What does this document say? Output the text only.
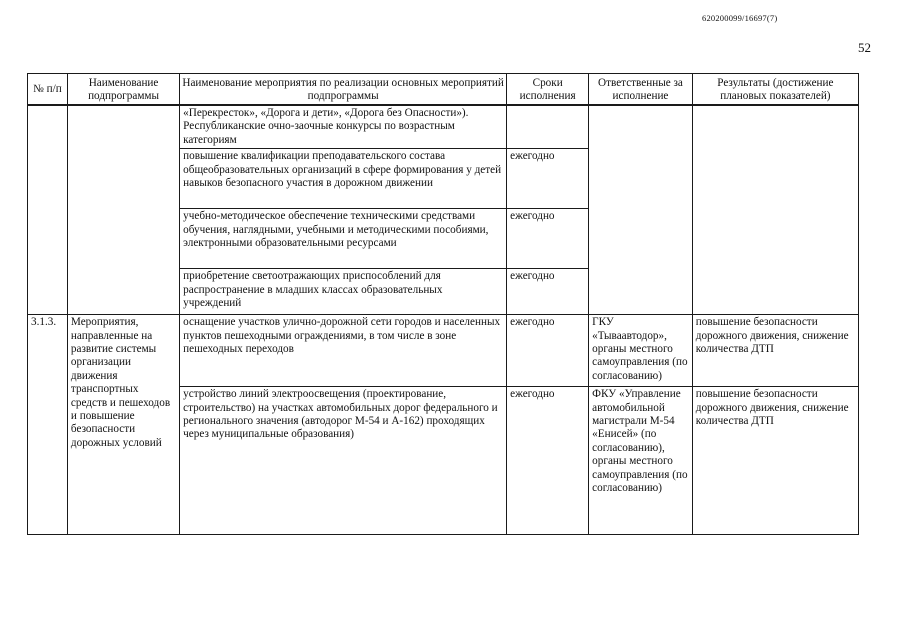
620200099/16697(7)
52
№ п/п	Наименование подпрограммы	Наименование мероприятия по реализации основных мероприятий подпрограммы	Сроки исполнения	Ответственные за исполнение	Результаты (достижение плановых показателей)
		«Перекресток», «Дорога и дети», «Дорога без Опасности»). Республиканские очно-заочные конкурсы по возрастным категориям			
		повышение квалификации преподавательского состава общеобразовательных организаций в сфере формирования у детей навыков безопасного участия в дорожном движении	ежегодно		
		учебно-методическое обеспечение техническими средствами обучения, наглядными, учебными и методическими пособиями, электронными образовательными ресурсами	ежегодно		
		приобретение светоотражающих приспособлений для распространение в младших классах образовательных учреждений	ежегодно		
3.1.3.	Мероприятия, направленные на развитие системы организации движения транспортных средств и пешеходов и повышение безопасности дорожных условий	оснащение участков улично-дорожной сети городов и населенных пунктов пешеходными ограждениями, в том числе в зоне пешеходных переходов	ежегодно	ГКУ «Тываавтодор», органы местного самоуправления (по согласованию)	повышение безопасности дорожного движения, снижение количества ДТП
		устройство линий электроосвещения (проектирование, строительство) на участках автомобильных дорог федерального и регионального значения (автодорог М-54 и А-162) проходящих через муниципальные образования)	ежегодно	ФКУ «Управление автомобильной магистрали М-54 «Енисей» (по согласованию), органы местного самоуправления (по согласованию)	повышение безопасности дорожного движения, снижение количества ДТП
